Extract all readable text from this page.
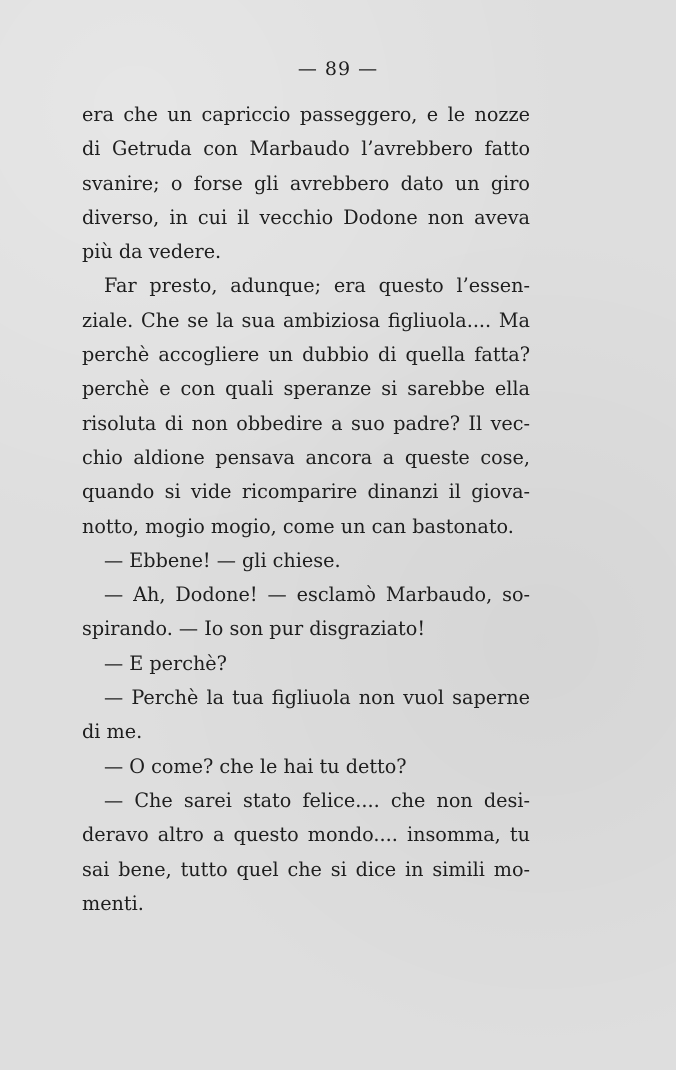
— 89 —
era che un capriccio passeggero, e le nozze
di Getruda con Marbaudo l’avrebbero fatto
svanire; o forse gli avrebbero dato un giro
diverso, in cui il vecchio Dodone non aveva
più da vedere.
Far presto, adunque; era questo l’essen-
ziale. Che se la sua ambiziosa figliuola.... Ma
perchè accogliere un dubbio di quella fatta?
perchè e con quali speranze si sarebbe ella
risoluta di non obbedire a suo padre? Il vec-
chio aldione pensava ancora a queste cose,
quando si vide ricomparire dinanzi il giova-
notto, mogio mogio, come un can bastonato.
— Ebbene! — gli chiese.
— Ah, Dodone! — esclamò Marbaudo, so-
spirando. — Io son pur disgraziato!
— E perchè?
— Perchè la tua figliuola non vuol saperne
di me.
— O come? che le hai tu detto?
— Che sarei stato felice.... che non desi-
deravo altro a questo mondo.... insomma, tu
sai bene, tutto quel che si dice in simili mo-
menti.
